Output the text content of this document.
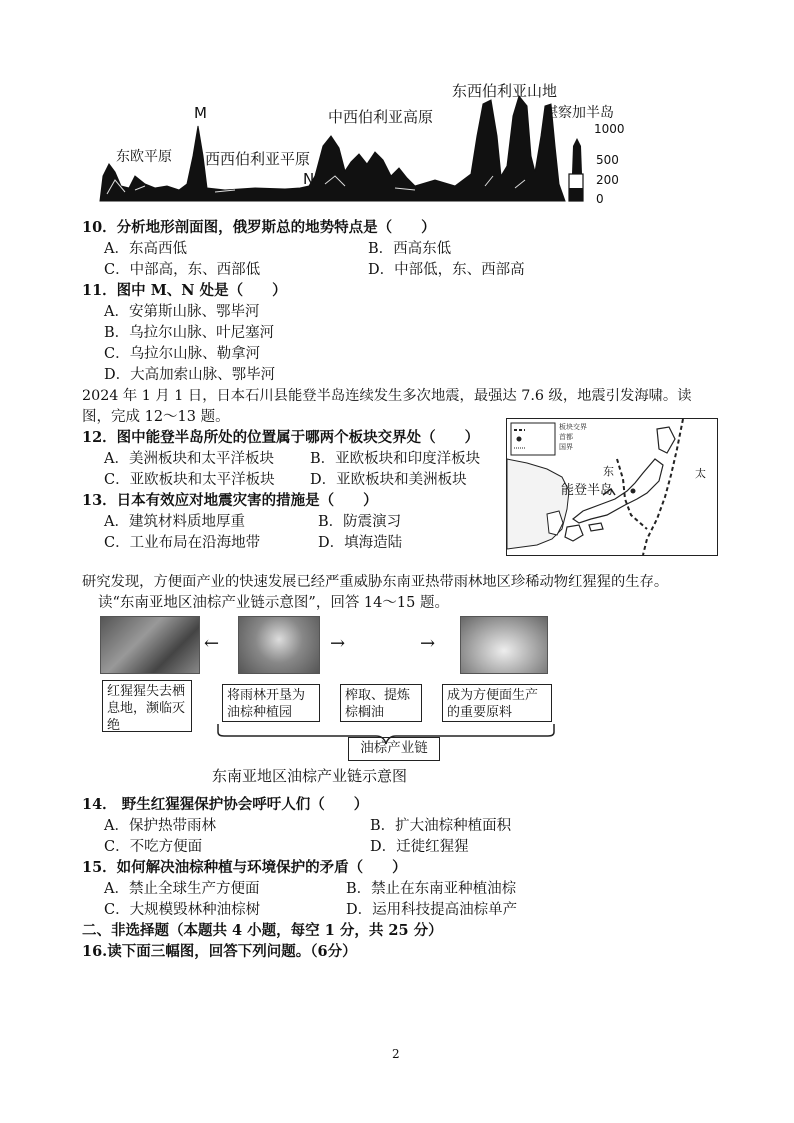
东欧平原
M
西西伯利亚平原
N
中西伯利亚高原
东西伯利亚山地
堪察加半岛
1000
500
200
0
10．分析地形剖面图，俄罗斯总的地势特点是（　　）
A．东高西低	B．西高东低
C．中部高，东、西部低	D．中部低，东、西部高
11．图中 M、N 处是（　　）
A．安第斯山脉、鄂毕河
B．乌拉尔山脉、叶尼塞河
C．乌拉尔山脉、勒拿河
D．大高加索山脉、鄂毕河
2024 年 1 月 1 日，日本石川县能登半岛连续发生多次地震，最强达 7.6 级，地震引发海啸。读
图，完成 12～13 题。
12．图中能登半岛所处的位置属于哪两个板块交界处（　　）
A．美洲板块和太平洋板块 B．亚欧板块和印度洋板块
C．亚欧板块和太平洋板块 D．亚欧板块和美洲板块
13．日本有效应对地震灾害的措施是（　　）
A．建筑材料质地厚重	B．防震演习
C．工业布局在沿海地带	D．填海造陆
板块交界
首都
国界
能登半岛
东	太
研究发现，方便面产业的快速发展已经严重威胁东南亚热带雨林地区珍稀动物红猩猩的生存。
读“东南亚地区油棕产业链示意图”，回答 14～15 题。
←	→	→
红猩猩失去栖息地，濒临灭绝
将雨林开垦为油棕种植园
榨取、提炼棕榈油
成为方便面生产的重要原料
油棕产业链
东南亚地区油棕产业链示意图
14． 野生红猩猩保护协会呼吁人们（　　）
A．保护热带雨林	B．扩大油棕种植面积
C．不吃方便面	D．迁徙红猩猩
15．如何解决油棕种植与环境保护的矛盾（　　）
A．禁止全球生产方便面	B．禁止在东南亚种植油棕
C．大规模毁林种油棕树	D．运用科技提高油棕单产
二、非选择题（本题共 4 小题，每空 1 分，共 25 分）
16.读下面三幅图，回答下列问题。（6分）
2
